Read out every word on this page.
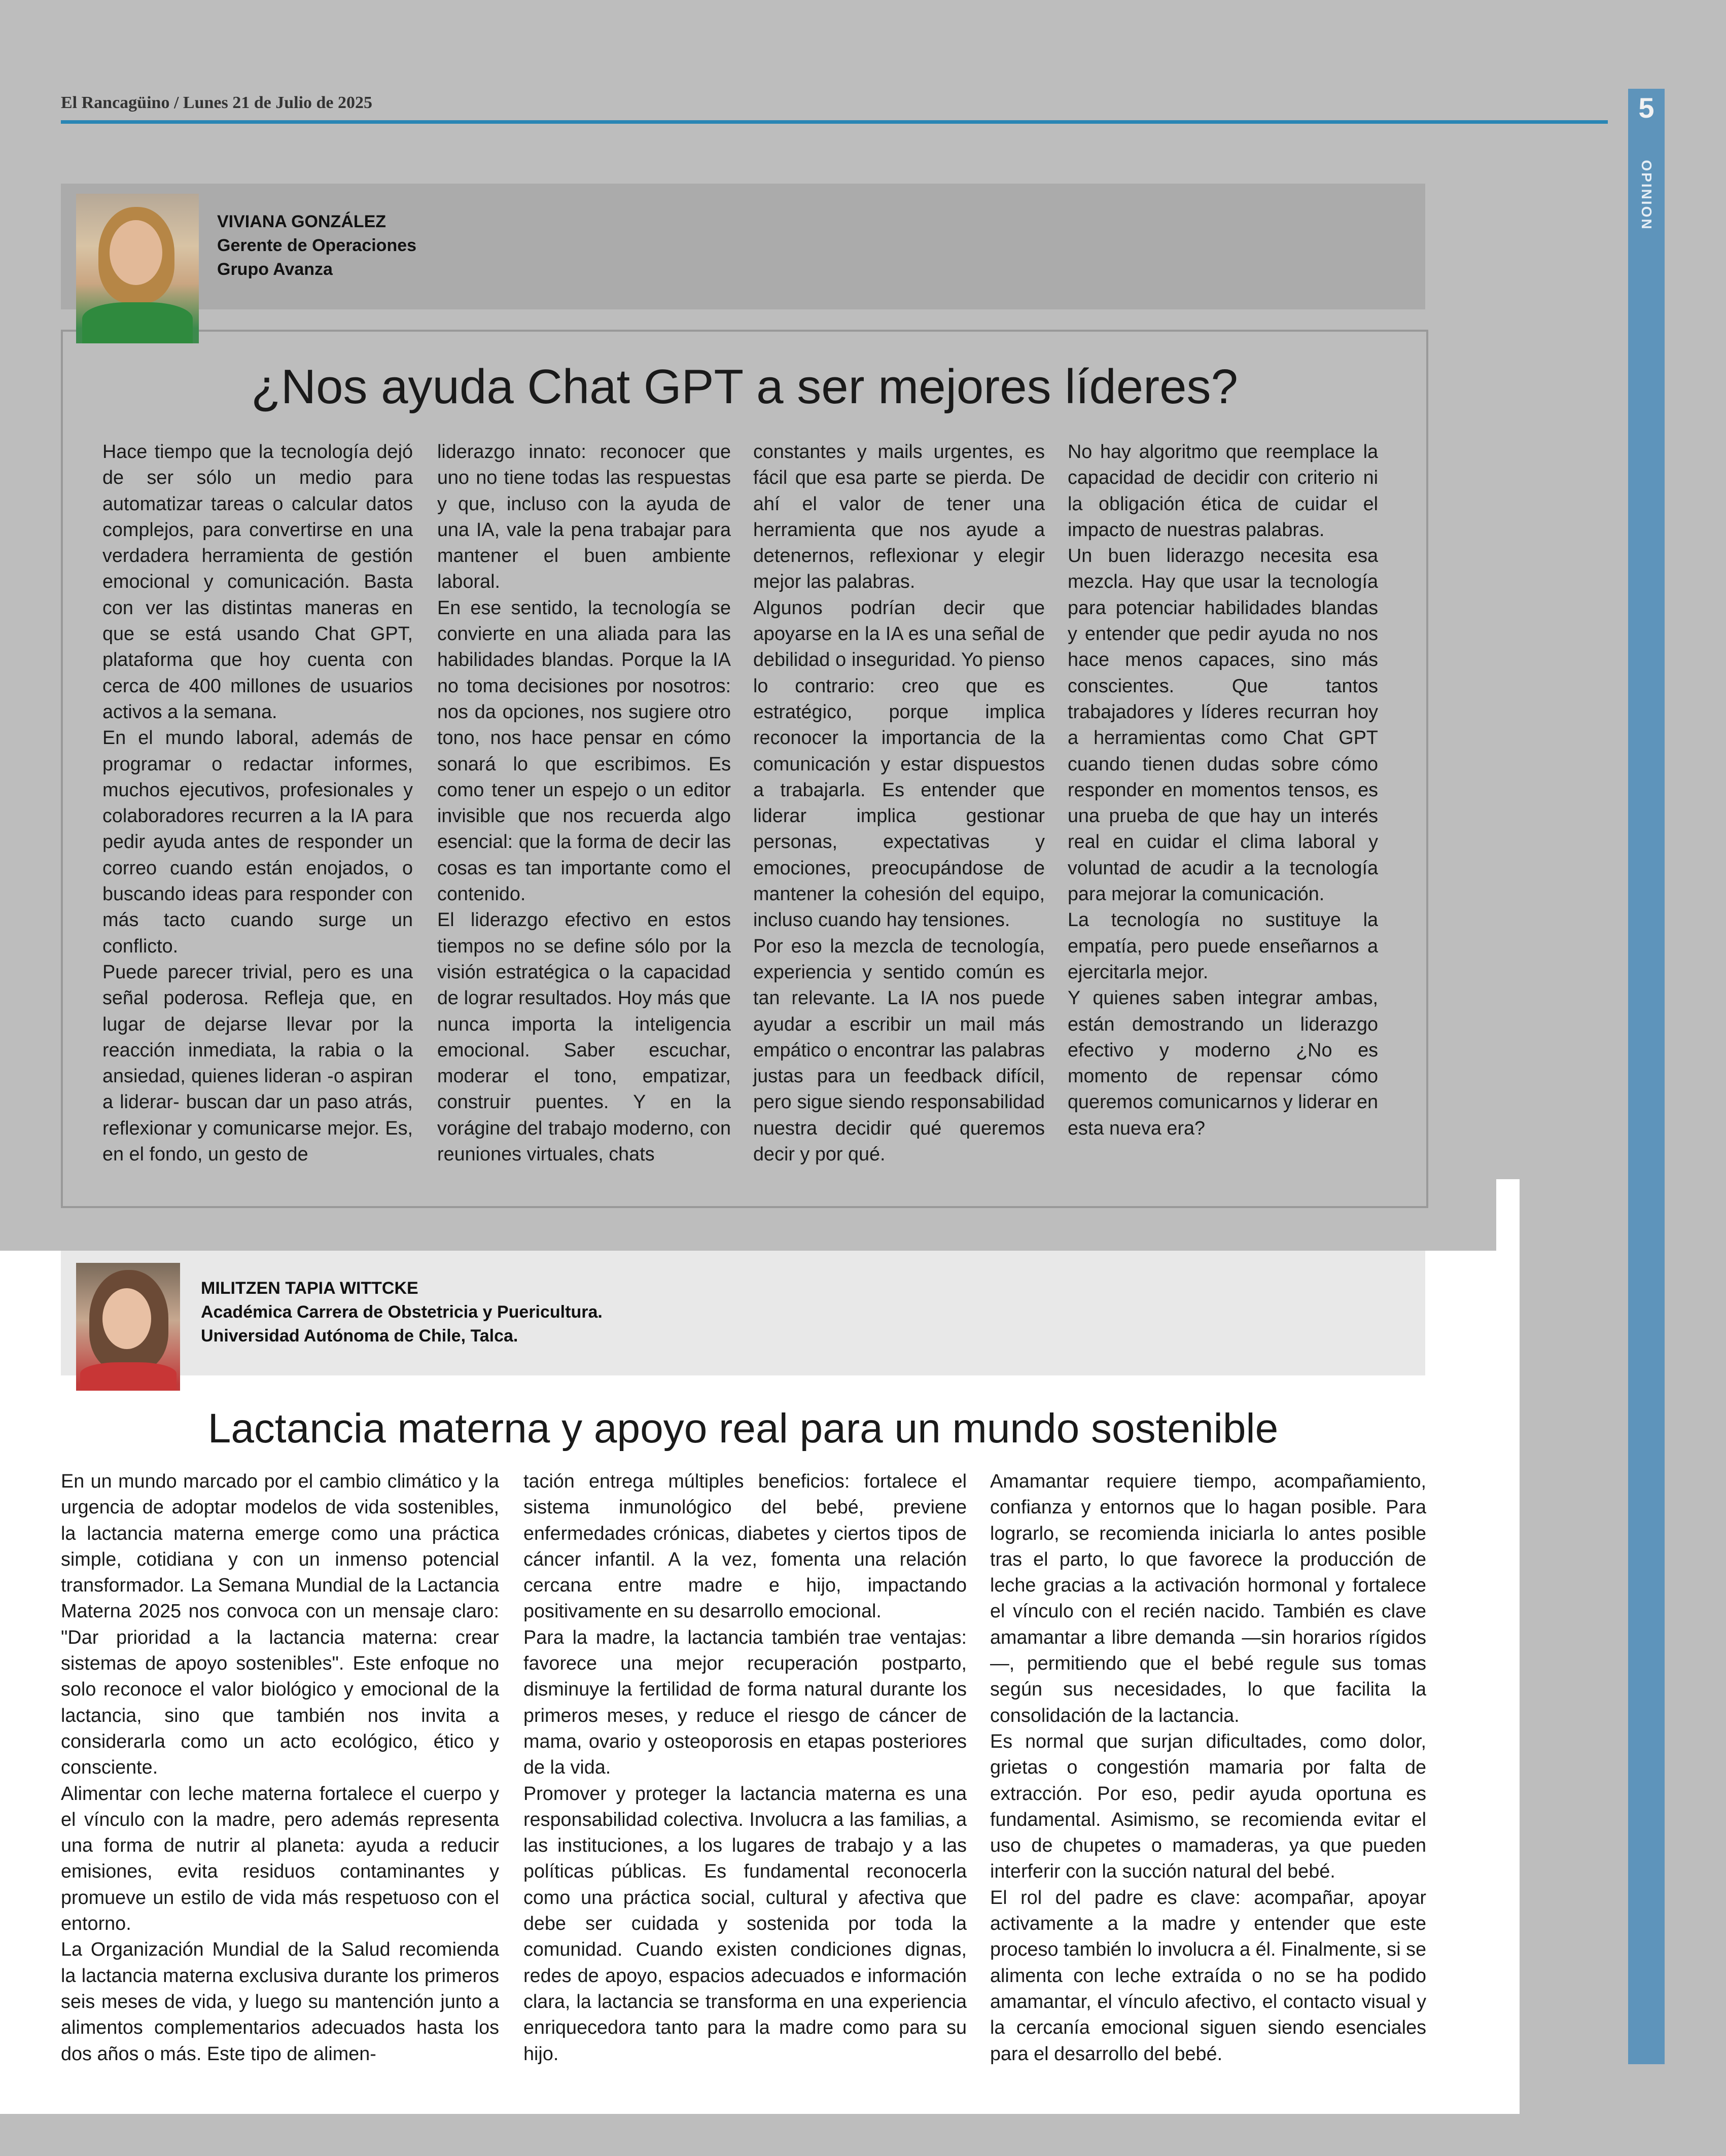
El Rancagüino / Lunes 21 de Julio de 2025	5
OPINION
VIVIANA GONZÁLEZ
Gerente de Operaciones
Grupo Avanza
¿Nos ayuda Chat GPT a ser mejores líderes?

Hace tiempo que la tecnología dejó de ser sólo un medio para automatizar tareas o calcular datos complejos, para convertirse en una verdadera herramienta de gestión emocional y comunicación. Basta con ver las distintas maneras en que se está usando Chat GPT, plataforma que hoy cuenta con cerca de 400 millones de usuarios activos a la semana.

En el mundo laboral, además de programar o redactar informes, muchos ejecutivos, profesionales y colaboradores recurren a la IA para pedir ayuda antes de responder un correo cuando están enojados, o buscando ideas para responder con más tacto cuando surge un conflicto.

Puede parecer trivial, pero es una señal poderosa. Refleja que, en lugar de dejarse llevar por la reacción inmediata, la rabia o la ansiedad, quienes lideran -o aspiran a liderar- buscan dar un paso atrás, reflexionar y comunicarse mejor. Es, en el fondo, un gesto de

liderazgo innato: reconocer que uno no tiene todas las respuestas y que, incluso con la ayuda de una IA, vale la pena trabajar para mantener el buen ambiente laboral.

En ese sentido, la tecnología se convierte en una aliada para las habilidades blandas. Porque la IA no toma decisiones por nosotros: nos da opciones, nos sugiere otro tono, nos hace pensar en cómo sonará lo que escribimos. Es como tener un espejo o un editor invisible que nos recuerda algo esencial: que la forma de decir las cosas es tan importante como el contenido.

El liderazgo efectivo en estos tiempos no se define sólo por la visión estratégica o la capacidad de lograr resultados. Hoy más que nunca importa la inteligencia emocional. Saber escuchar, moderar el tono, empatizar, construir puentes. Y en la vorágine del trabajo moderno, con reuniones virtuales, chats

constantes y mails urgentes, es fácil que esa parte se pierda. De ahí el valor de tener una herramienta que nos ayude a detenernos, reflexionar y elegir mejor las palabras.

Algunos podrían decir que apoyarse en la IA es una señal de debilidad o inseguridad. Yo pienso lo contrario: creo que es estratégico, porque implica reconocer la importancia de la comunicación y estar dispuestos a trabajarla. Es entender que liderar implica gestionar personas, expectativas y emociones, preocupándose de mantener la cohesión del equipo, incluso cuando hay tensiones.

Por eso la mezcla de tecnología, experiencia y sentido común es tan relevante. La IA nos puede ayudar a escribir un mail más empático o encontrar las palabras justas para un feedback difícil, pero sigue siendo responsabilidad nuestra decidir qué queremos decir y por qué.

No hay algoritmo que reemplace la capacidad de decidir con criterio ni la obligación ética de cuidar el impacto de nuestras palabras.

Un buen liderazgo necesita esa mezcla. Hay que usar la tecnología para potenciar habilidades blandas y entender que pedir ayuda no nos hace menos capaces, sino más conscientes. Que tantos trabajadores y líderes recurran hoy a herramientas como Chat GPT cuando tienen dudas sobre cómo responder en momentos tensos, es una prueba de que hay un interés real en cuidar el clima laboral y voluntad de acudir a la tecnología para mejorar la comunicación.

La tecnología no sustituye la empatía, pero puede enseñarnos a ejercitarla mejor.

Y quienes saben integrar ambas, están demostrando un liderazgo efectivo y moderno ¿No es momento de repensar cómo queremos comunicarnos y liderar en esta nueva era?

MILITZEN TAPIA WITTCKE
Académica Carrera de Obstetricia y Puericultura.
Universidad Autónoma de Chile, Talca.
Lactancia materna y apoyo real para un mundo sostenible

En un mundo marcado por el cambio climático y la urgencia de adoptar modelos de vida sostenibles, la lactancia materna emerge como una práctica simple, cotidiana y con un inmenso potencial transformador. La Semana Mundial de la Lactancia Materna 2025 nos convoca con un mensaje claro: "Dar prioridad a la lactancia materna: crear sistemas de apoyo sostenibles". Este enfoque no solo reconoce el valor biológico y emocional de la lactancia, sino que también nos invita a considerarla como un acto ecológico, ético y consciente.

Alimentar con leche materna fortalece el cuerpo y el vínculo con la madre, pero además representa una forma de nutrir al planeta: ayuda a reducir emisiones, evita residuos contaminantes y promueve un estilo de vida más respetuoso con el entorno.

La Organización Mundial de la Salud recomienda la lactancia materna exclusiva durante los primeros seis meses de vida, y luego su mantención junto a alimentos complementarios adecuados hasta los dos años o más. Este tipo de alimen-

tación entrega múltiples beneficios: fortalece el sistema inmunológico del bebé, previene enfermedades crónicas, diabetes y ciertos tipos de cáncer infantil. A la vez, fomenta una relación cercana entre madre e hijo, impactando positivamente en su desarrollo emocional.

Para la madre, la lactancia también trae ventajas: favorece una mejor recuperación postparto, disminuye la fertilidad de forma natural durante los primeros meses, y reduce el riesgo de cáncer de mama, ovario y osteoporosis en etapas posteriores de la vida.

Promover y proteger la lactancia materna es una responsabilidad colectiva. Involucra a las familias, a las instituciones, a los lugares de trabajo y a las políticas públicas. Es fundamental reconocerla como una práctica social, cultural y afectiva que debe ser cuidada y sostenida por toda la comunidad. Cuando existen condiciones dignas, redes de apoyo, espacios adecuados e información clara, la lactancia se transforma en una experiencia enriquecedora tanto para la madre como para su hijo.

Amamantar requiere tiempo, acompañamiento, confianza y entornos que lo hagan posible. Para lograrlo, se recomienda iniciarla lo antes posible tras el parto, lo que favorece la producción de leche gracias a la activación hormonal y fortalece el vínculo con el recién nacido. También es clave amamantar a libre demanda —sin horarios rígidos—, permitiendo que el bebé regule sus tomas según sus necesidades, lo que facilita la consolidación de la lactancia.

Es normal que surjan dificultades, como dolor, grietas o congestión mamaria por falta de extracción. Por eso, pedir ayuda oportuna es fundamental. Asimismo, se recomienda evitar el uso de chupetes o mamaderas, ya que pueden interferir con la succión natural del bebé.

El rol del padre es clave: acompañar, apoyar activamente a la madre y entender que este proceso también lo involucra a él. Finalmente, si se alimenta con leche extraída o no se ha podido amamantar, el vínculo afectivo, el contacto visual y la cercanía emocional siguen siendo esenciales para el desarrollo del bebé.
